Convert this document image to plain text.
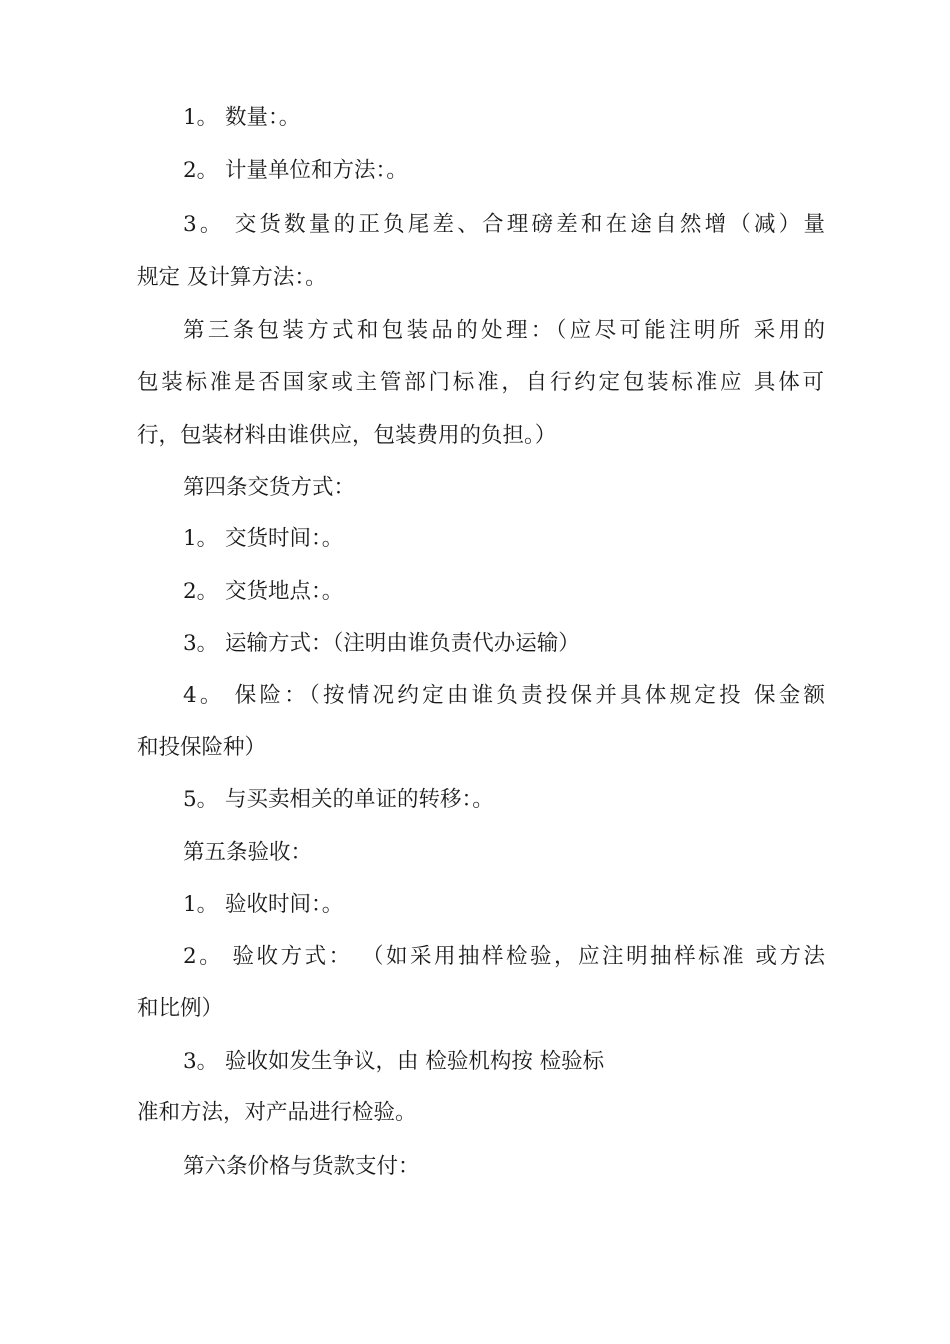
1。 数量：。
2。 计量单位和方法：。
3。 交货数量的正负尾差、合理磅差和在途自然增（减）量
规定 及计算方法：。
第三条包装方式和包装品的处理：（应尽可能注明所 采用的
包装标准是否国家或主管部门标准，自行约定包装标准应 具体可
行，包装材料由谁供应，包装费用的负担。）
第四条交货方式：
1。 交货时间：。
2。 交货地点：。
3。 运输方式：（注明由谁负责代办运输）
4。 保险：（按情况约定由谁负责投保并具体规定投 保金额
和投保险种）
5。 与买卖相关的单证的转移：。
第五条验收：
1。 验收时间：。
2。 验收方式： （如采用抽样检验，应注明抽样标准 或方法
和比例）
3。 验收如发生争议，由 检验机构按 检验标
准和方法，对产品进行检验。
第六条价格与货款支付：
